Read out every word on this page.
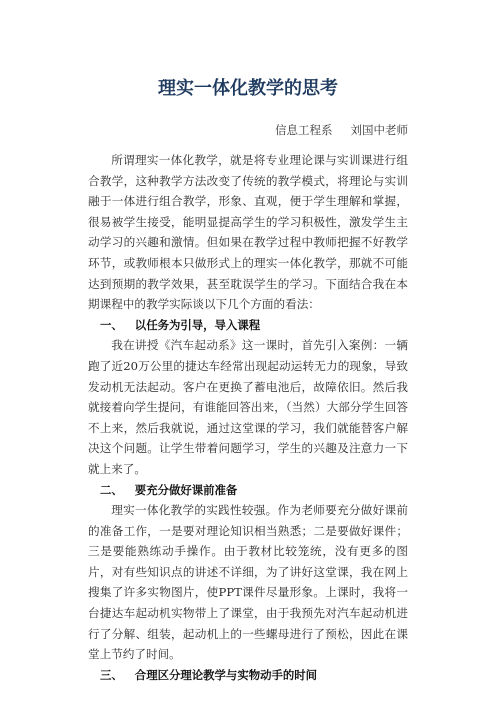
理实一体化教学的思考
信息工程系 刘国中老师

所谓理实一体化教学，就是将专业理论课与实训课进行组合教学，这种教学方法改变了传统的教学模式，将理论与实训融于一体进行组合教学，形象、直观，便于学生理解和掌握，很易被学生接受，能明显提高学生的学习积极性，激发学生主动学习的兴趣和激情。但如果在教学过程中教师把握不好教学环节，或教师根本只做形式上的理实一体化教学，那就不可能达到预期的教学效果，甚至耽误学生的学习。下面结合我在本期课程中的教学实际谈以下几个方面的看法：

一、 以任务为引导，导入课程

我在讲授《汽车起动系》这一课时，首先引入案例：一辆跑了近20万公里的捷达车经常出现起动运转无力的现象，导致发动机无法起动。客户在更换了蓄电池后，故障依旧。然后我就接着向学生提问，有谁能回答出来，（当然）大部分学生回答不上来，然后我就说，通过这堂课的学习，我们就能替客户解决这个问题。让学生带着问题学习，学生的兴趣及注意力一下就上来了。

二、 要充分做好课前准备

理实一体化教学的实践性较强。作为老师要充分做好课前的准备工作，一是要对理论知识相当熟悉；二是要做好课件；三是要能熟练动手操作。由于教材比较笼统，没有更多的图片，对有些知识点的讲述不详细，为了讲好这堂课，我在网上搜集了许多实物图片，使PPT课件尽量形象。上课时，我将一台捷达车起动机实物带上了课堂，由于我预先对汽车起动机进行了分解、组装，起动机上的一些螺母进行了预松，因此在课堂上节约了时间。

三、 合理区分理论教学与实物动手的时间
